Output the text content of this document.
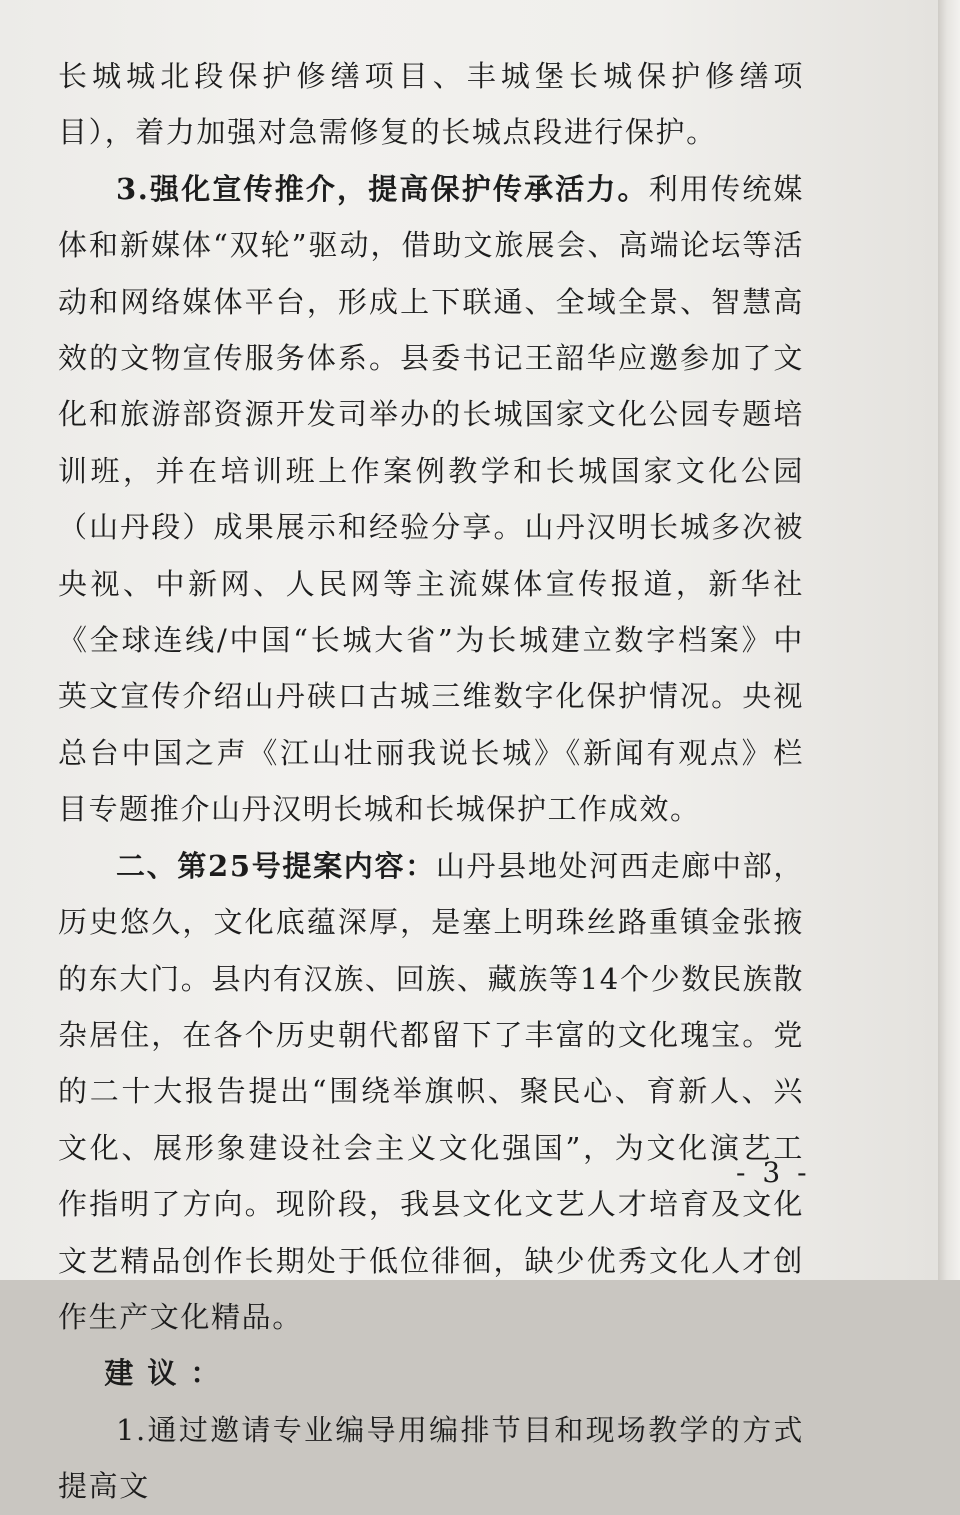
长城城北段保护修缮项目、丰城堡长城保护修缮项目），着力加强对急需修复的长城点段进行保护。

3.强化宣传推介，提高保护传承活力。利用传统媒体和新媒体“双轮”驱动，借助文旅展会、高端论坛等活动和网络媒体平台，形成上下联通、全域全景、智慧高效的文物宣传服务体系。县委书记王韶华应邀参加了文化和旅游部资源开发司举办的长城国家文化公园专题培训班，并在培训班上作案例教学和长城国家文化公园（山丹段）成果展示和经验分享。山丹汉明长城多次被央视、中新网、人民网等主流媒体宣传报道，新华社《全球连线/中国“长城大省”为长城建立数字档案》中英文宣传介绍山丹硖口古城三维数字化保护情况。央视总台中国之声《江山壮丽我说长城》《新闻有观点》栏目专题推介山丹汉明长城和长城保护工作成效。

二、第25号提案内容：山丹县地处河西走廊中部，历史悠久，文化底蕴深厚，是塞上明珠丝路重镇金张掖的东大门。县内有汉族、回族、藏族等14个少数民族散杂居住，在各个历史朝代都留下了丰富的文化瑰宝。党的二十大报告提出“围绕举旗帜、聚民心、育新人、兴文化、展形象建设社会主义文化强国”，为文化演艺工作指明了方向。现阶段，我县文化文艺人才培育及文化文艺精品创作长期处于低位徘徊，缺少优秀文化人才创作生产文化精品。

建议：

1.通过邀请专业编导用编排节目和现场教学的方式提高文

- 3 -
